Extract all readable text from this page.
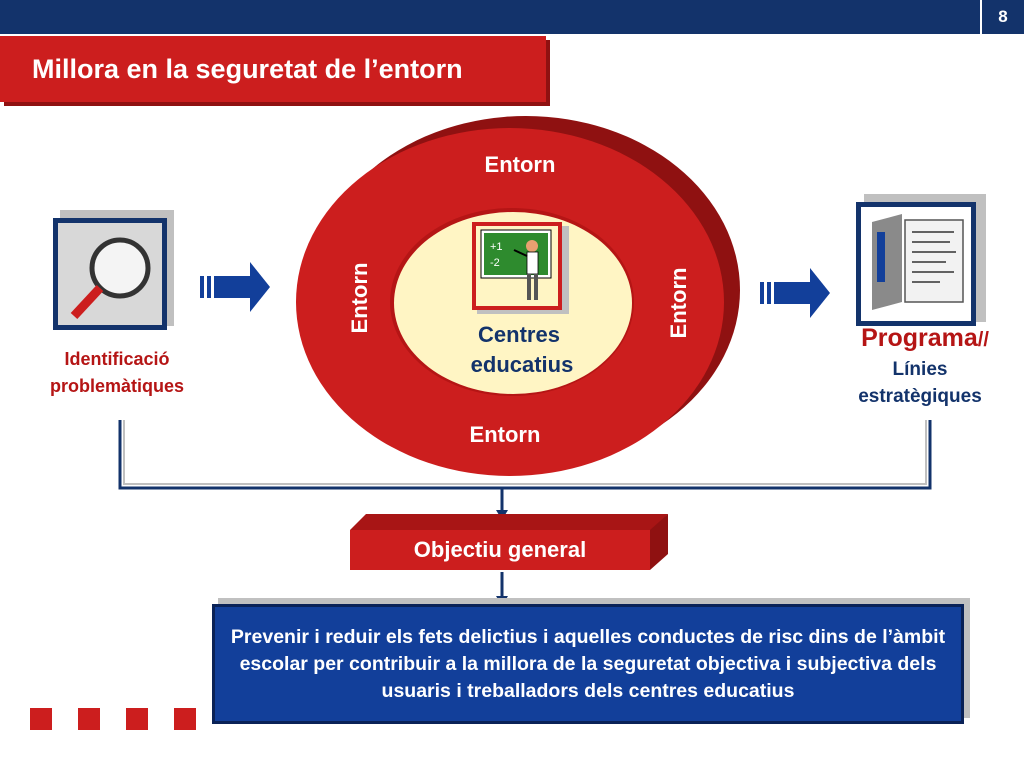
8
Millora en la seguretat de l’entorn
Entorn
Entorn
Entorn	Entorn
Centres
educatius
+1
-2
Identificació
problemàtiques
Programa//
Línies
estratègiques
Objectiu general
Prevenir i reduir els fets delictius i aquelles conductes de risc dins de l’àmbit escolar per contribuir a la millora de la seguretat objectiva i subjectiva dels usuaris i treballadors dels centres educatius
